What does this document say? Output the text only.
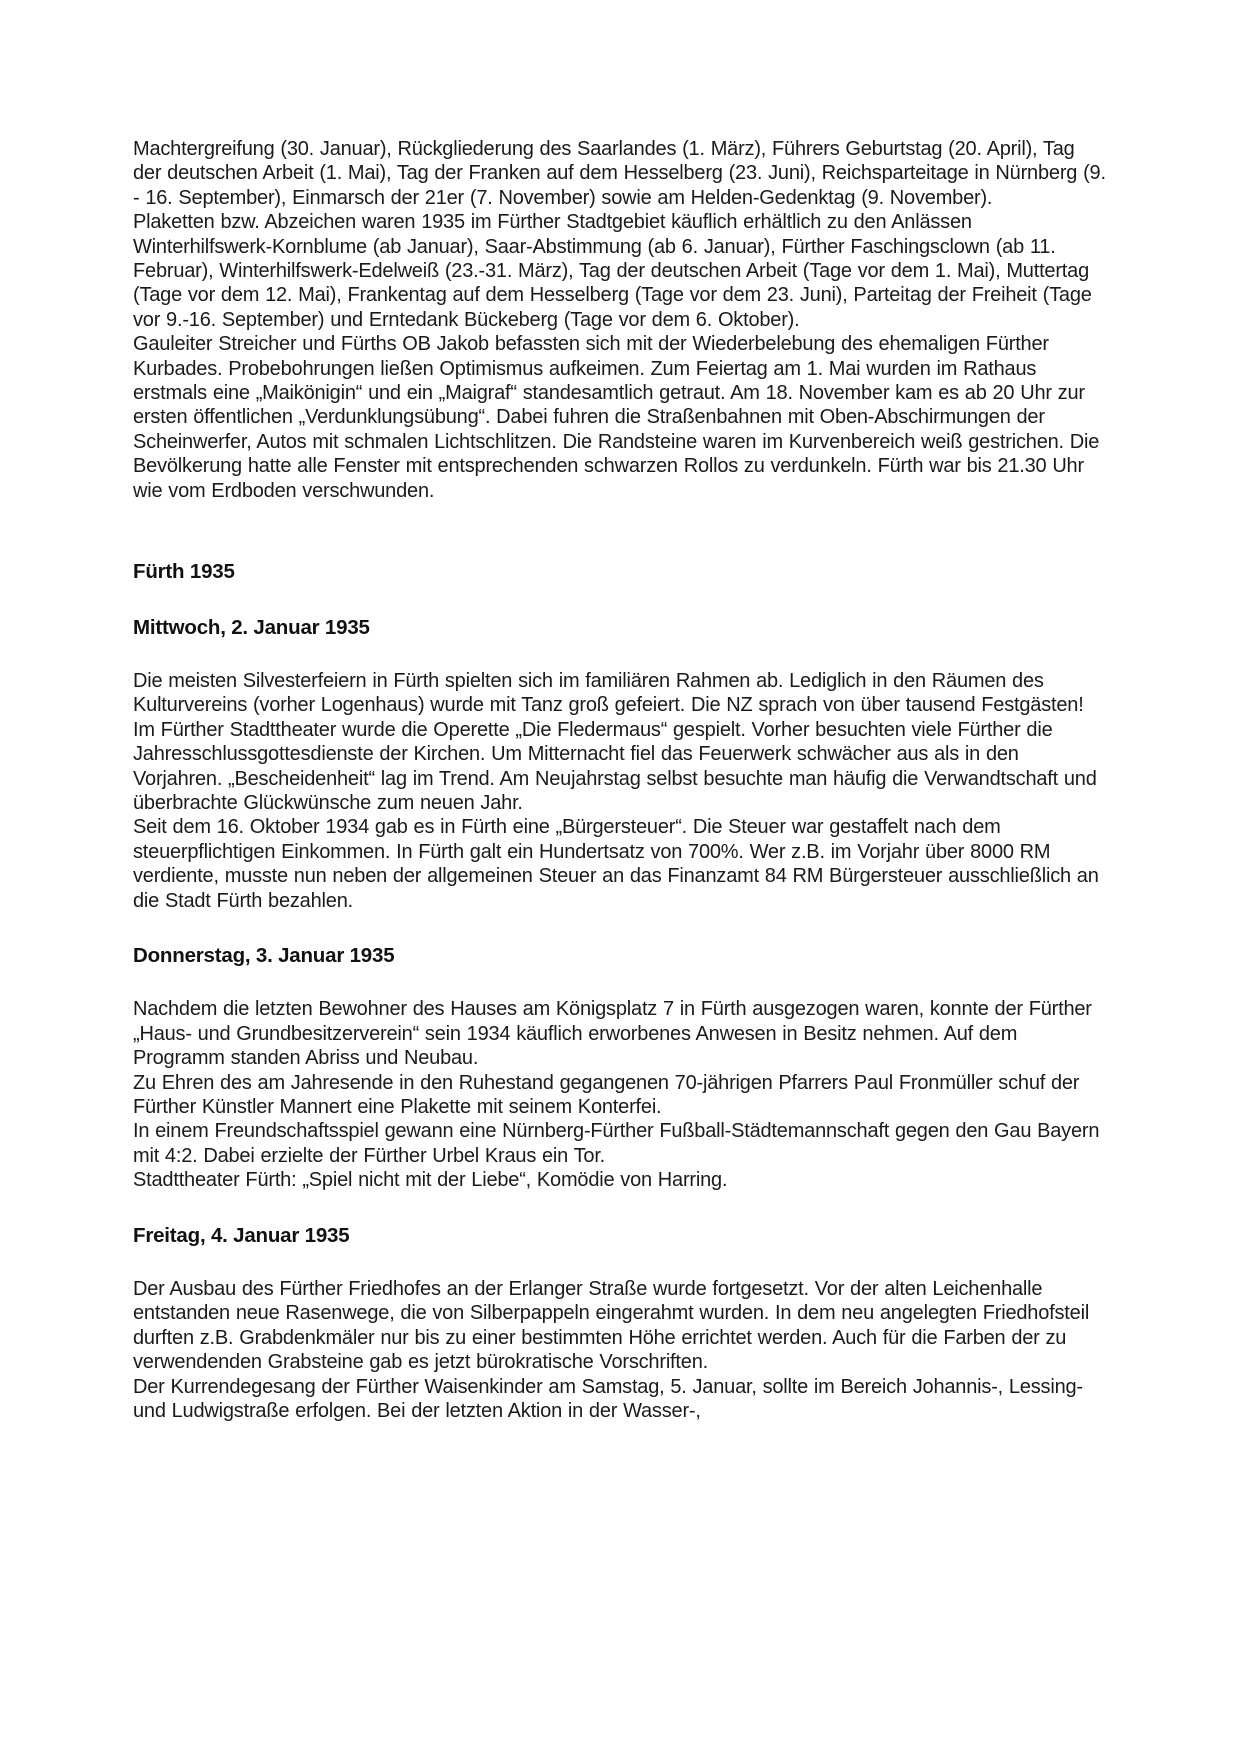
Machtergreifung (30. Januar), Rückgliederung des Saarlandes (1. März), Führers Geburtstag (20. April), Tag der deutschen Arbeit (1. Mai), Tag der Franken auf dem Hesselberg (23. Juni), Reichsparteitage in Nürnberg (9. - 16. September), Einmarsch der 21er (7. November) sowie am Helden-Gedenktag (9. November).

Plaketten bzw. Abzeichen waren 1935 im Fürther Stadtgebiet käuflich erhältlich zu den Anlässen Winterhilfswerk-Kornblume (ab Januar), Saar-Abstimmung (ab 6. Januar), Fürther Faschingsclown (ab 11. Februar), Winterhilfswerk-Edelweiß (23.-31. März), Tag der deutschen Arbeit (Tage vor dem 1. Mai), Muttertag (Tage vor dem 12. Mai), Frankentag auf dem Hesselberg (Tage vor dem 23. Juni), Parteitag der Freiheit (Tage vor 9.-16. September) und Erntedank Bückeberg (Tage vor dem 6. Oktober).

Gauleiter Streicher und Fürths OB Jakob befassten sich mit der Wiederbelebung des ehemaligen Fürther Kurbades. Probebohrungen ließen Optimismus aufkeimen. Zum Feiertag am 1. Mai wurden im Rathaus erstmals eine „Maikönigin“ und ein „Maigraf“ standesamtlich getraut. Am 18. November kam es ab 20 Uhr zur ersten öffentlichen „Verdunklungsübung“. Dabei fuhren die Straßenbahnen mit Oben-Abschirmungen der Scheinwerfer, Autos mit schmalen Lichtschlitzen. Die Randsteine waren im Kurvenbereich weiß gestrichen. Die Bevölkerung hatte alle Fenster mit entsprechenden schwarzen Rollos zu verdunkeln. Fürth war bis 21.30 Uhr wie vom Erdboden verschwunden.

Fürth 1935
Mittwoch, 2. Januar 1935

Die meisten Silvesterfeiern in Fürth spielten sich im familiären Rahmen ab. Lediglich in den Räumen des Kulturvereins (vorher Logenhaus) wurde mit Tanz groß gefeiert. Die NZ sprach von über tausend Festgästen! Im Fürther Stadttheater wurde die Operette „Die Fledermaus“ gespielt. Vorher besuchten viele Fürther die Jahresschlussgottesdienste der Kirchen. Um Mitternacht fiel das Feuerwerk schwächer aus als in den Vorjahren. „Bescheidenheit“ lag im Trend. Am Neujahrstag selbst besuchte man häufig die Verwandtschaft und überbrachte Glückwünsche zum neuen Jahr.

Seit dem 16. Oktober 1934 gab es in Fürth eine „Bürgersteuer“. Die Steuer war gestaffelt nach dem steuerpflichtigen Einkommen. In Fürth galt ein Hundertsatz von 700%. Wer z.B. im Vorjahr über 8000 RM verdiente, musste nun neben der allgemeinen Steuer an das Finanzamt 84 RM Bürgersteuer ausschließlich an die Stadt Fürth bezahlen.

Donnerstag, 3. Januar 1935

Nachdem die letzten Bewohner des Hauses am Königsplatz 7 in Fürth ausgezogen waren, konnte der Fürther „Haus- und Grundbesitzerverein“ sein 1934 käuflich erworbenes Anwesen in Besitz nehmen. Auf dem Programm standen Abriss und Neubau.

Zu Ehren des am Jahresende in den Ruhestand gegangenen 70-jährigen Pfarrers Paul Fronmüller schuf der Fürther Künstler Mannert eine Plakette mit seinem Konterfei.

In einem Freundschaftsspiel gewann eine Nürnberg-Fürther Fußball-Städtemannschaft gegen den Gau Bayern mit 4:2. Dabei erzielte der Fürther Urbel Kraus ein Tor.

Stadttheater Fürth: „Spiel nicht mit der Liebe“, Komödie von Harring.

Freitag, 4. Januar 1935

Der Ausbau des Fürther Friedhofes an der Erlanger Straße wurde fortgesetzt. Vor der alten Leichenhalle entstanden neue Rasenwege, die von Silberpappeln eingerahmt wurden. In dem neu angelegten Friedhofsteil durften z.B. Grabdenkmäler nur bis zu einer bestimmten Höhe errichtet werden. Auch für die Farben der zu verwendenden Grabsteine gab es jetzt bürokratische Vorschriften.

Der Kurrendegesang der Fürther Waisenkinder am Samstag, 5. Januar, sollte im Bereich Johannis-, Lessing- und Ludwigstraße erfolgen. Bei der letzten Aktion in der Wasser-,
